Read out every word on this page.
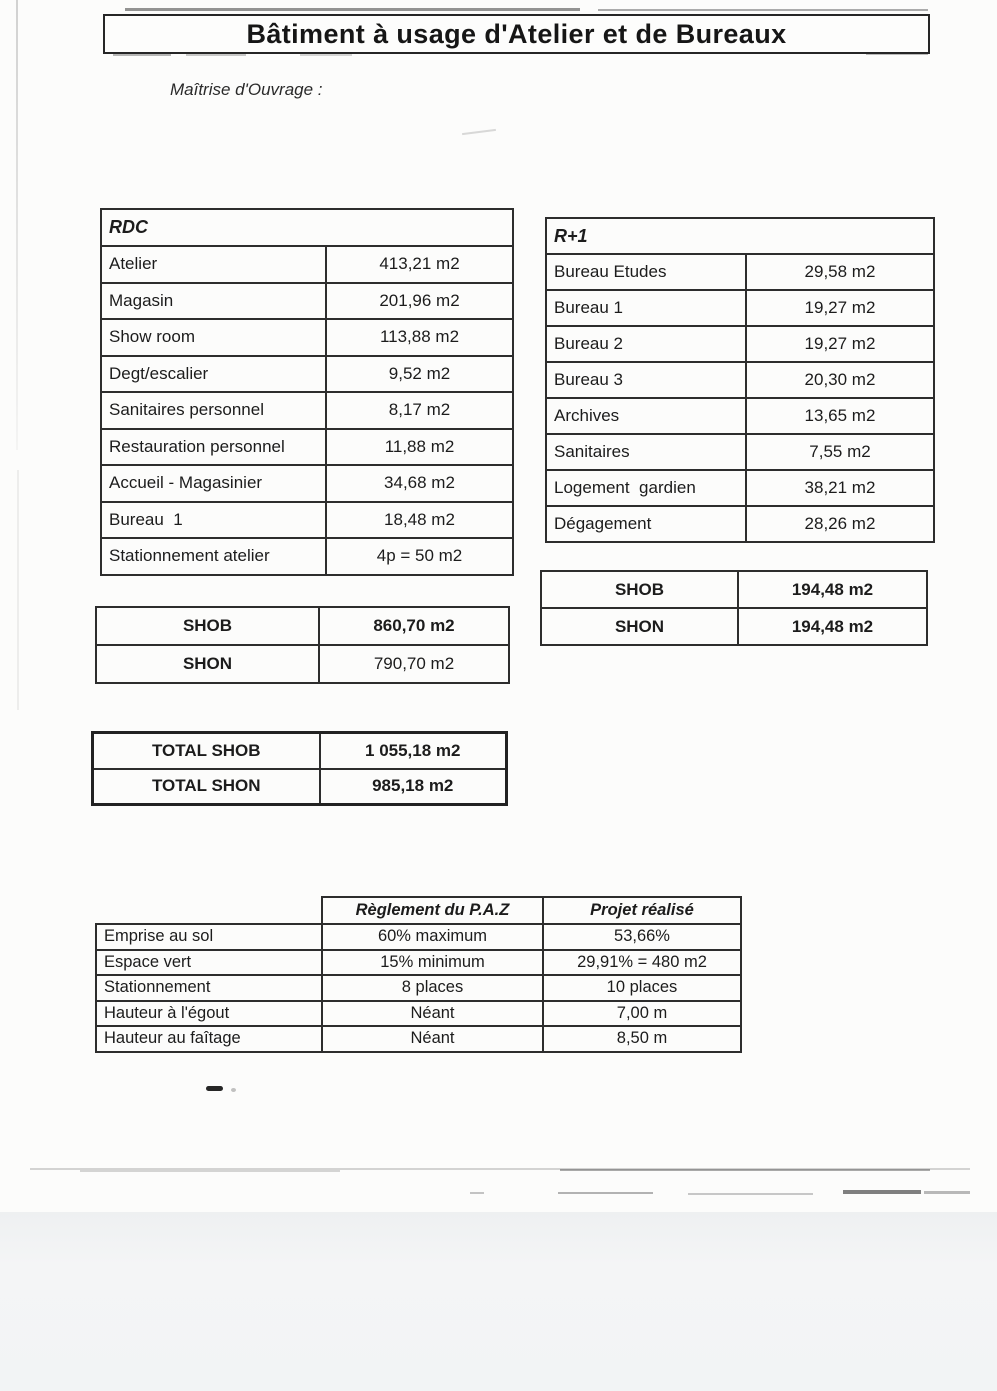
Bâtiment à usage d'Atelier et de Bureaux
Maîtrise d'Ouvrage :
RDC	
Atelier	413,21 m2
Magasin	201,96 m2
Show room	113,88 m2
Degt/escalier	9,52 m2
Sanitaires personnel	8,17 m2
Restauration personnel	11,88 m2
Accueil - Magasinier	34,68 m2
Bureau  1	18,48 m2
Stationnement atelier	4p = 50 m2
SHOB	860,70 m2
SHON	790,70 m2
TOTAL SHOB	1 055,18 m2
TOTAL SHON	985,18 m2
R+1	
Bureau Etudes	29,58 m2
Bureau 1	19,27 m2
Bureau 2	19,27 m2
Bureau 3	20,30 m2
Archives	13,65 m2
Sanitaires	7,55 m2
Logement  gardien	38,21 m2
Dégagement	28,26 m2
SHOB	194,48 m2
SHON	194,48 m2
	Règlement du P.A.Z	Projet réalisé
Emprise au sol	60% maximum	53,66%
Espace vert	15% minimum	29,91% = 480 m2
Stationnement	8 places	10 places
Hauteur à l'égout	Néant	7,00 m
Hauteur au faîtage	Néant	8,50 m
